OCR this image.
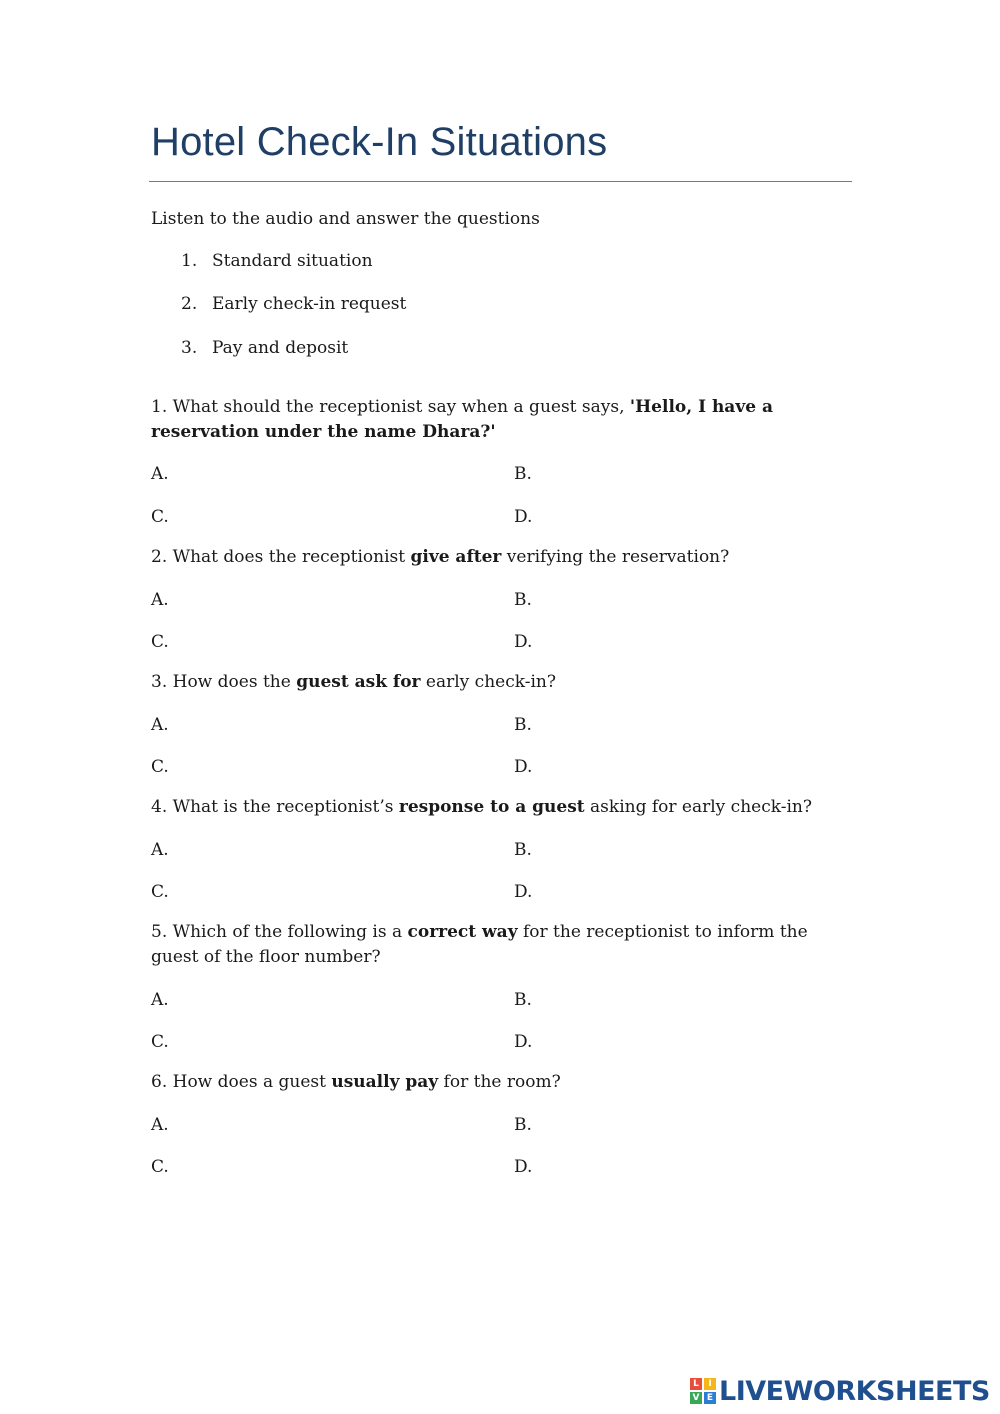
Hotel Check-In Situations
Listen to the audio and answer the questions
1. Standard situation
2. Early check-in request
3. Pay and deposit
1. What should the receptionist say when a guest says, 'Hello, I have a reservation under the name Dhara?'
A.	B.
C.	D.
2. What does the receptionist give after verifying the reservation?
A.	B.
C.	D.
3. How does the guest ask for early check-in?
A.	B.
C.	D.
4. What is the receptionist’s response to a guest asking for early check-in?
A.	B.
C.	D.
5. Which of the following is a correct way for the receptionist to inform the guest of the floor number?
A.	B.
C.	D.
6. How does a guest usually pay for the room?
A.	B.
C.	D.
L	I
V E LIVEWORKSHEETS
